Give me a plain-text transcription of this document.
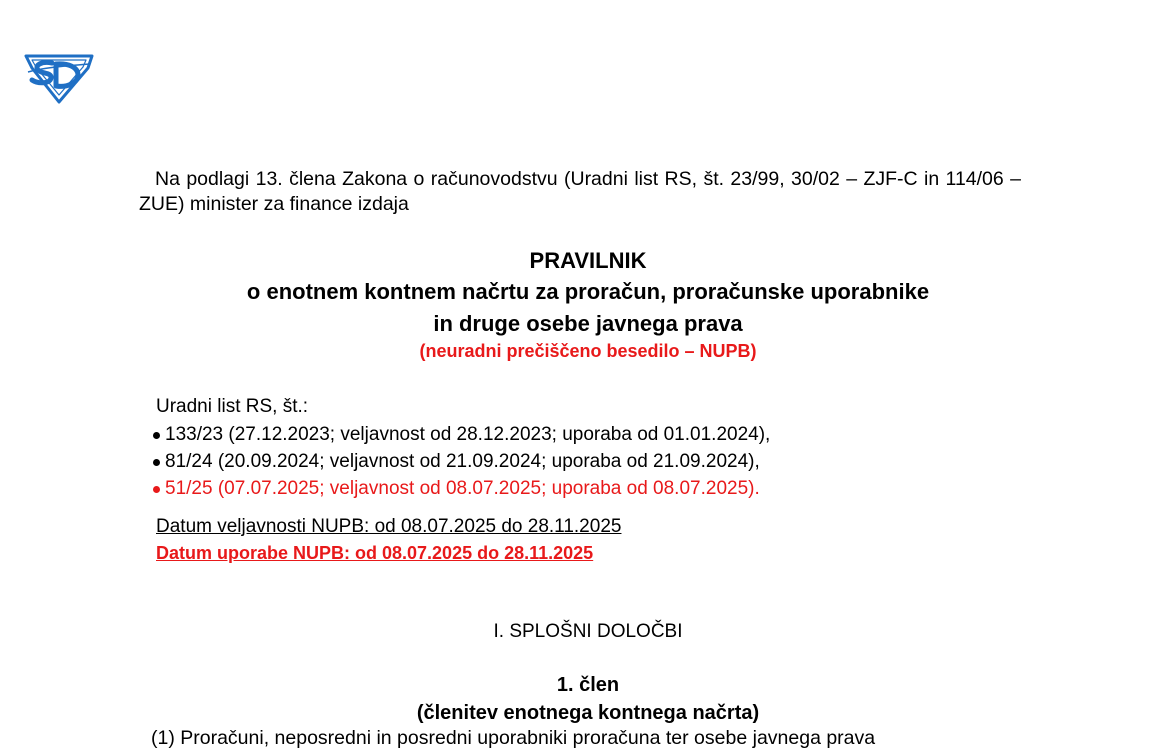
Na podlagi 13. člena Zakona o računovodstvu (Uradni list RS, št. 23/99, 30/02 – ZJF-C in 114/06 – ZUE) minister za finance izdaja

PRAVILNIK

o enotnem kontnem načrtu za proračun, proračunske uporabnike

in druge osebe javnega prava

(neuradni prečiščeno besedilo – NUPB)

Uradni list RS, št.:
133/23 (27.12.2023; veljavnost od 28.12.2023; uporaba od 01.01.2024),
81/24 (20.09.2024; veljavnost od 21.09.2024; uporaba od 21.09.2024),
51/25 (07.07.2025; veljavnost od 08.07.2025; uporaba od 08.07.2025).
Datum veljavnosti NUPB: od 08.07.2025 do 28.11.2025
Datum uporabe NUPB: od 08.07.2025 do 28.11.2025
I. SPLOŠNI DOLOČBI
1. člen
(členitev enotnega kontnega načrta)
(1) Proračuni, neposredni in posredni uporabniki proračuna ter osebe javnega prava
